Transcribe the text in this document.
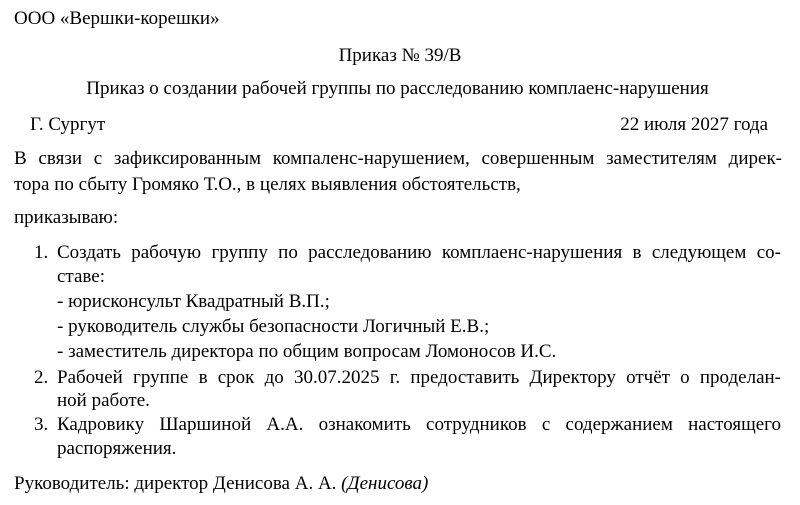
ООО «Вершки-корешки»
Приказ № 39/В
Приказ о создании рабочей группы по расследованию комплаенс-нарушения
Г. Сургут	22 июля 2027 года
В связи с зафиксированным компаленс-нарушением, совершенным заместителям дирек-
тора по сбыту Громяко Т.О., в целях выявления обстоятельств,
приказываю:
1. Создать рабочую группу по расследованию комплаенс-нарушения в следующем со-
ставе:
- юрисконсульт Квадратный В.П.;
- руководитель службы безопасности Логичный Е.В.;
- заместитель директора по общим вопросам Ломоносов И.С.
2. Рабочей группе в срок до 30.07.2025 г. предоставить Директору отчёт о проделан-
ной работе.
3. Кадровику Шаршиной А.А. ознакомить сотрудников с содержанием настоящего
распоряжения.
Руководитель: директор Денисова А. А. (Денисова)
